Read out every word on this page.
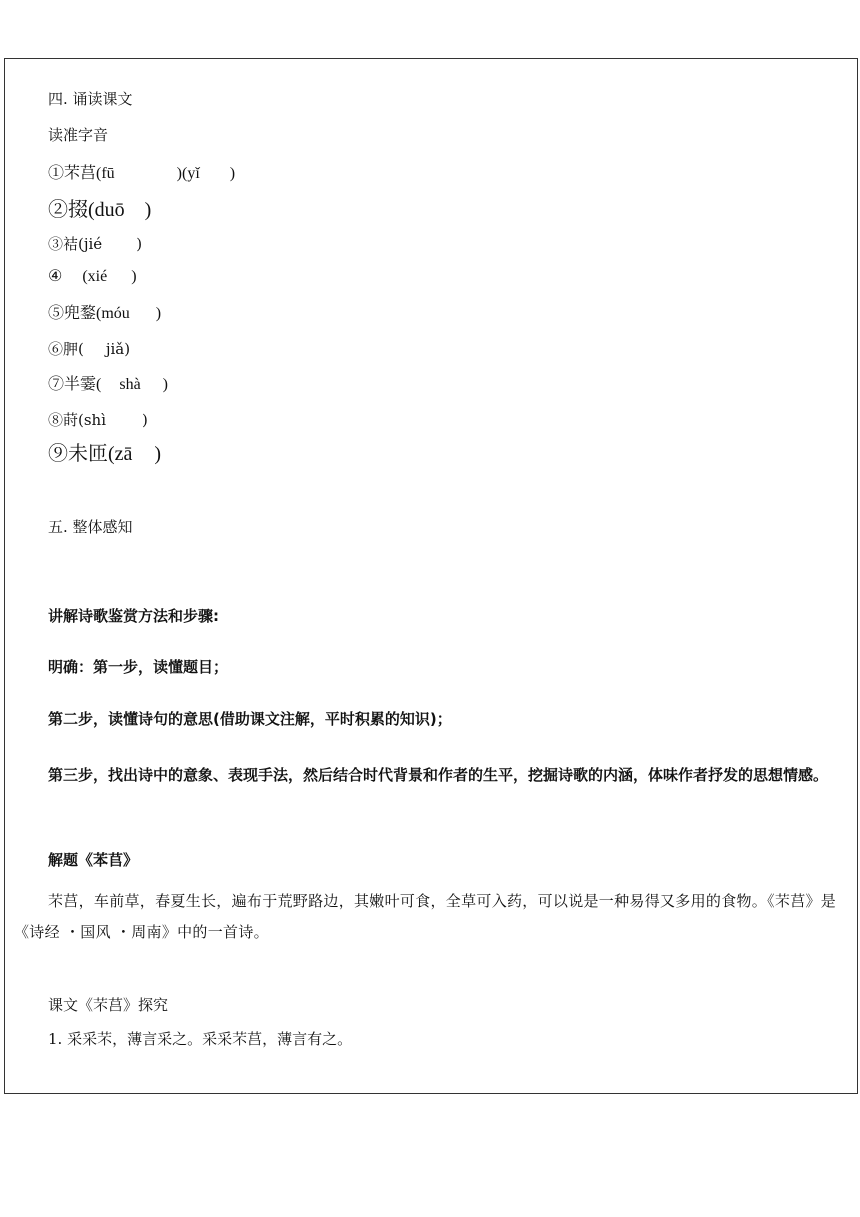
四. 诵读课文
读准字音
①芣莒(fū	)(yǐ )
②掇(duō )
③袺(jié )
④ (xié )
⑤兜鍪(móu )
⑥胛( jiǎ)
⑦半霎( shà )
⑧莳(shì )
⑨未匝(zā )
五. 整体感知
讲解诗歌鉴赏方法和步骤:
明确：第一步，读懂题目；
第二步，读懂诗句的意思(借助课文注解，平时积累的知识)；
第三步，找出诗中的意象、表现手法，然后结合时代背景和作者的生平，挖掘诗歌的内涵，体味作者抒发的思想情感。
解题《苯苢》
芣莒，车前草，春夏生长，遍布于荒野路边，其嫩叶可食，全草可入药，可以说是一种易得又多用的食物。《芣莒》是《诗经 ・国风 ・周南》中的一首诗。
课文《芣莒》探究
1. 采采芣，薄言采之。采采芣莒，薄言有之。
